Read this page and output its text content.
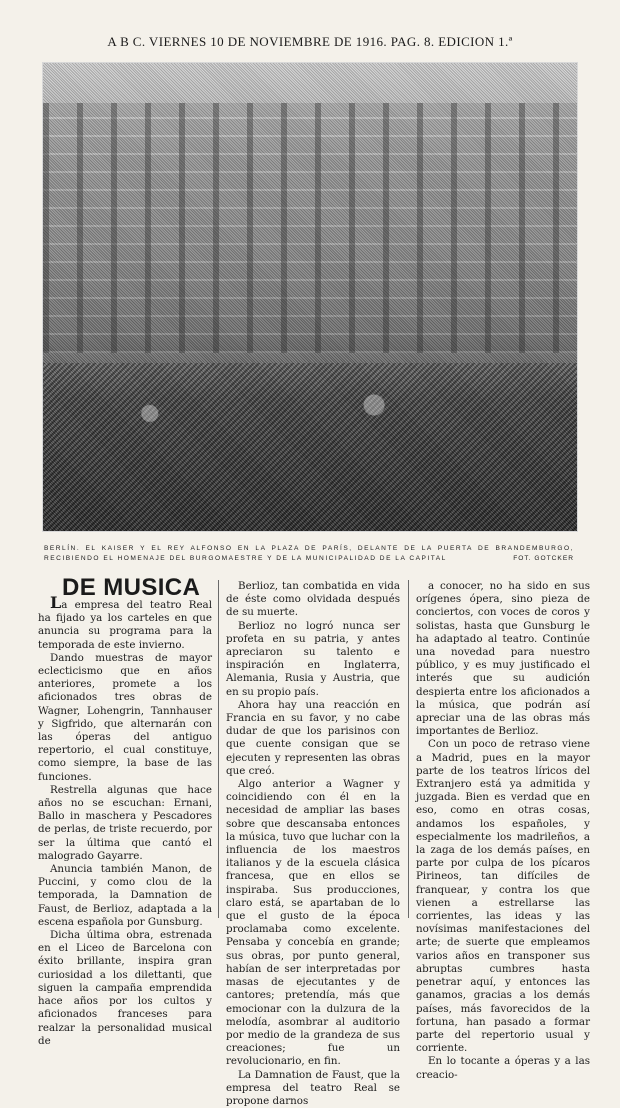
A B C. VIERNES 10 DE NOVIEMBRE DE 1916. PAG. 8. EDICION 1.ª
BERLÍN. EL KAISER Y EL REY ALFONSO EN LA PLAZA DE PARÍS, DELANTE DE LA PUERTA DE BRANDEMBURGO, RECIBIENDO EL HOMENAJE DEL BURGOMAESTRE Y DE LA MUNICIPALIDAD DE LA CAPITAL	FOT. GOTCKER
DE MUSICA

La empresa del teatro Real ha fijado ya los carteles en que anuncia su programa para la temporada de este invierno.

Dando muestras de mayor eclecticismo que en años anteriores, promete a los aficionados tres obras de Wagner, Lohengrin, Tannhauser y Sigfrido, que alternarán con las óperas del antiguo repertorio, el cual constituye, como siempre, la base de las funciones.

Restrella algunas que hace años no se escuchan: Ernani, Ballo in maschera y Pescadores de perlas, de triste recuerdo, por ser la última que cantó el malogrado Gayarre.

Anuncia también Manon, de Puccini, y como clou de la temporada, la Damnation de Faust, de Berlioz, adaptada a la escena española por Gunsburg.

Dicha última obra, estrenada en el Liceo de Barcelona con éxito brillante, inspira gran curiosidad a los dilettanti, que siguen la campaña emprendida hace años por los cultos y aficionados franceses para realzar la personalidad musical de

Berlioz, tan combatida en vida de éste como olvidada después de su muerte.

Berlioz no logró nunca ser profeta en su patria, y antes apreciaron su talento e inspiración en Inglaterra, Alemania, Rusia y Austria, que en su propio país.

Ahora hay una reacción en Francia en su favor, y no cabe dudar de que los parisinos con que cuente consigan que se ejecuten y representen las obras que creó.

Algo anterior a Wagner y coincidiendo con él en la necesidad de ampliar las bases sobre que descansaba entonces la música, tuvo que luchar con la influencia de los maestros italianos y de la escuela clásica francesa, que en ellos se inspiraba. Sus producciones, claro está, se apartaban de lo que el gusto de la época proclamaba como excelente. Pensaba y concebía en grande; sus obras, por punto general, habían de ser interpretadas por masas de ejecutantes y de cantores; pretendía, más que emocionar con la dulzura de la melodía, asombrar al auditorio por medio de la grandeza de sus creaciones; fue un revolucionario, en fin.

La Damnation de Faust, que la empresa del teatro Real se propone darnos

a conocer, no ha sido en sus orígenes ópera, sino pieza de conciertos, con voces de coros y solistas, hasta que Gunsburg le ha adaptado al teatro. Continúe una novedad para nuestro público, y es muy justificado el interés que su audición despierta entre los aficionados a la música, que podrán así apreciar una de las obras más importantes de Berlioz.

Con un poco de retraso viene a Madrid, pues en la mayor parte de los teatros líricos del Extranjero está ya admitida y juzgada. Bien es verdad que en eso, como en otras cosas, andamos los españoles, y especialmente los madrileños, a la zaga de los demás países, en parte por culpa de los pícaros Pirineos, tan difíciles de franquear, y contra los que vienen a estrellarse las corrientes, las ideas y las novísimas manifestaciones del arte; de suerte que empleamos varios años en transponer sus abruptas cumbres hasta penetrar aquí, y entonces las ganamos, gracias a los demás países, más favorecidos de la fortuna, han pasado a formar parte del repertorio usual y corriente.

En lo tocante a óperas y a las creacio-
